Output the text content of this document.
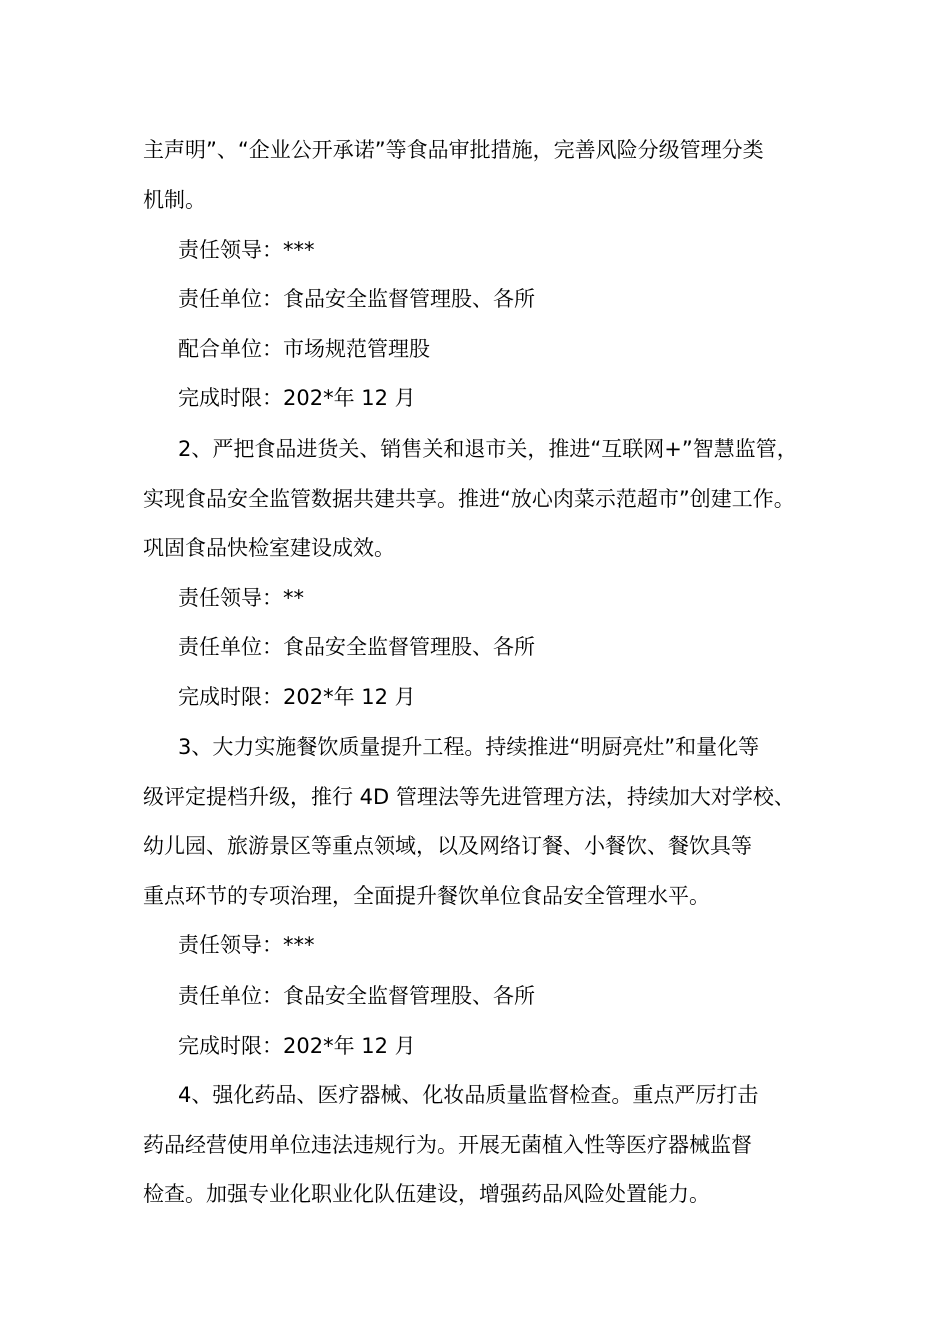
主声明”、“企业公开承诺”等食品审批措施，完善风险分级管理分类
机制。
责任领导：***
责任单位：食品安全监督管理股、各所
配合单位：市场规范管理股
完成时限：202*年 12 月
2、严把食品进货关、销售关和退市关，推进“互联网+”智慧监管，
实现食品安全监管数据共建共享。推进“放心肉菜示范超市”创建工作。
巩固食品快检室建设成效。
责任领导：**
责任单位：食品安全监督管理股、各所
完成时限：202*年 12 月
3、大力实施餐饮质量提升工程。持续推进“明厨亮灶”和量化等
级评定提档升级，推行 4D 管理法等先进管理方法，持续加大对学校、
幼儿园、旅游景区等重点领域，以及网络订餐、小餐饮、餐饮具等
重点环节的专项治理，全面提升餐饮单位食品安全管理水平。
责任领导：***
责任单位：食品安全监督管理股、各所
完成时限：202*年 12 月
4、强化药品、医疗器械、化妆品质量监督检查。重点严厉打击
药品经营使用单位违法违规行为。开展无菌植入性等医疗器械监督
检查。加强专业化职业化队伍建设，增强药品风险处置能力。
